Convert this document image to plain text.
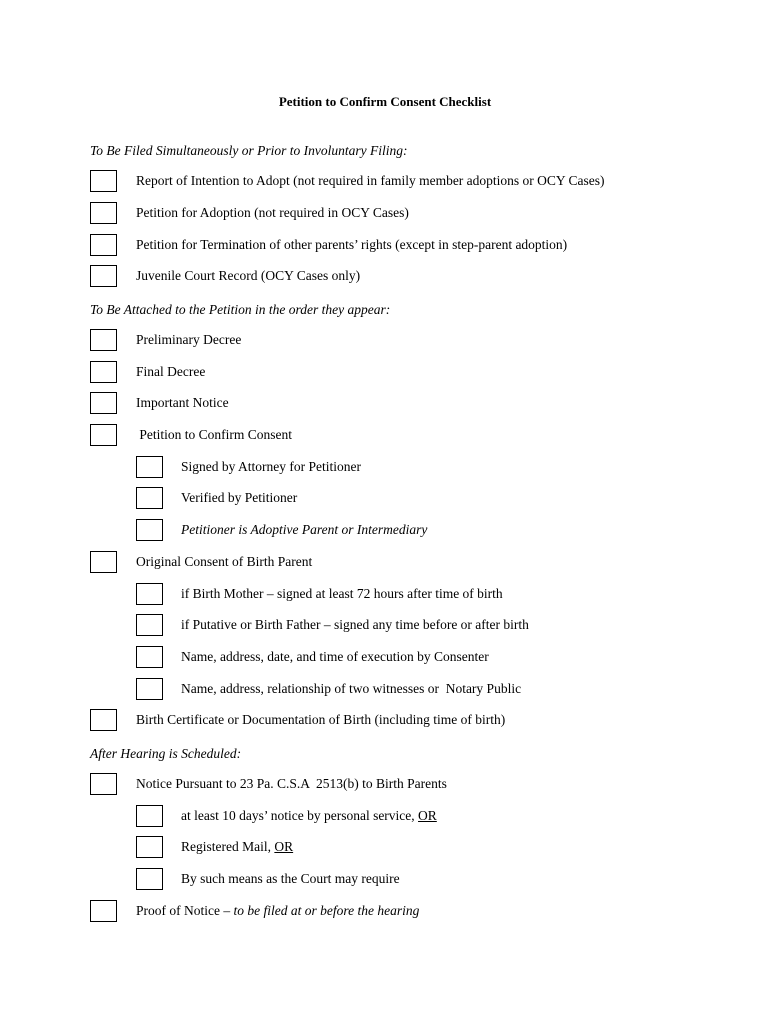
Petition to Confirm Consent Checklist
To Be Filed Simultaneously or Prior to Involuntary Filing:
Report of Intention to Adopt (not required in family member adoptions or OCY Cases)
Petition for Adoption (not required in OCY Cases)
Petition for Termination of other parents’ rights (except in step-parent adoption)
Juvenile Court Record (OCY Cases only)
To Be Attached to the Petition in the order they appear:
Preliminary Decree
Final Decree
Important Notice
Petition to Confirm Consent
Signed by Attorney for Petitioner
Verified by Petitioner
Petitioner is Adoptive Parent or Intermediary
Original Consent of Birth Parent
if Birth Mother – signed at least 72 hours after time of birth
if Putative or Birth Father – signed any time before or after birth
Name, address, date, and time of execution by Consenter
Name, address, relationship of two witnesses or  Notary Public
Birth Certificate or Documentation of Birth (including time of birth)
After Hearing is Scheduled:
Notice Pursuant to 23 Pa. C.S.A  2513(b) to Birth Parents
at least 10 days’ notice by personal service, OR
Registered Mail, OR
By such means as the Court may require
Proof of Notice – to be filed at or before the hearing
